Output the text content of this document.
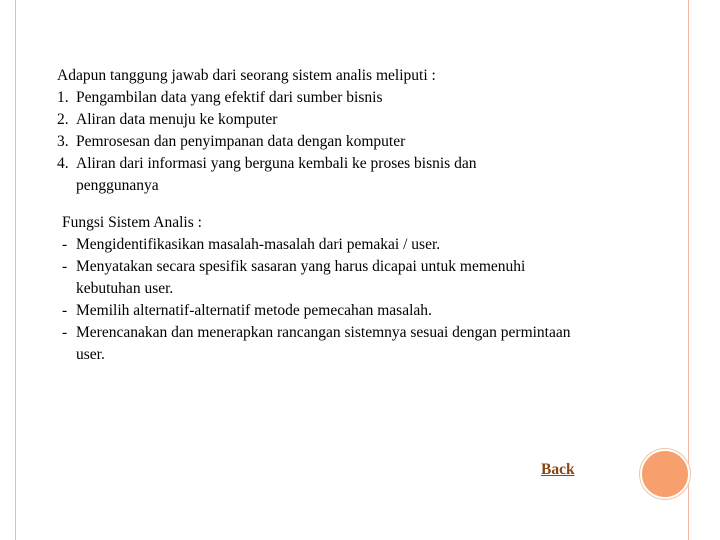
Adapun tanggung jawab dari seorang sistem analis meliputi :
1. Pengambilan data yang efektif dari sumber bisnis
2. Aliran data menuju ke komputer
3. Pemrosesan dan penyimpanan data dengan komputer
4. Aliran dari informasi yang berguna kembali ke proses bisnis dan
penggunanya
Fungsi Sistem Analis :
- Mengidentifikasikan masalah-masalah dari pemakai / user.
- Menyatakan secara spesifik sasaran yang harus dicapai untuk memenuhi
kebutuhan user.
- Memilih alternatif-alternatif metode pemecahan masalah.
- Merencanakan dan menerapkan rancangan sistemnya sesuai dengan permintaan
user.
Back
